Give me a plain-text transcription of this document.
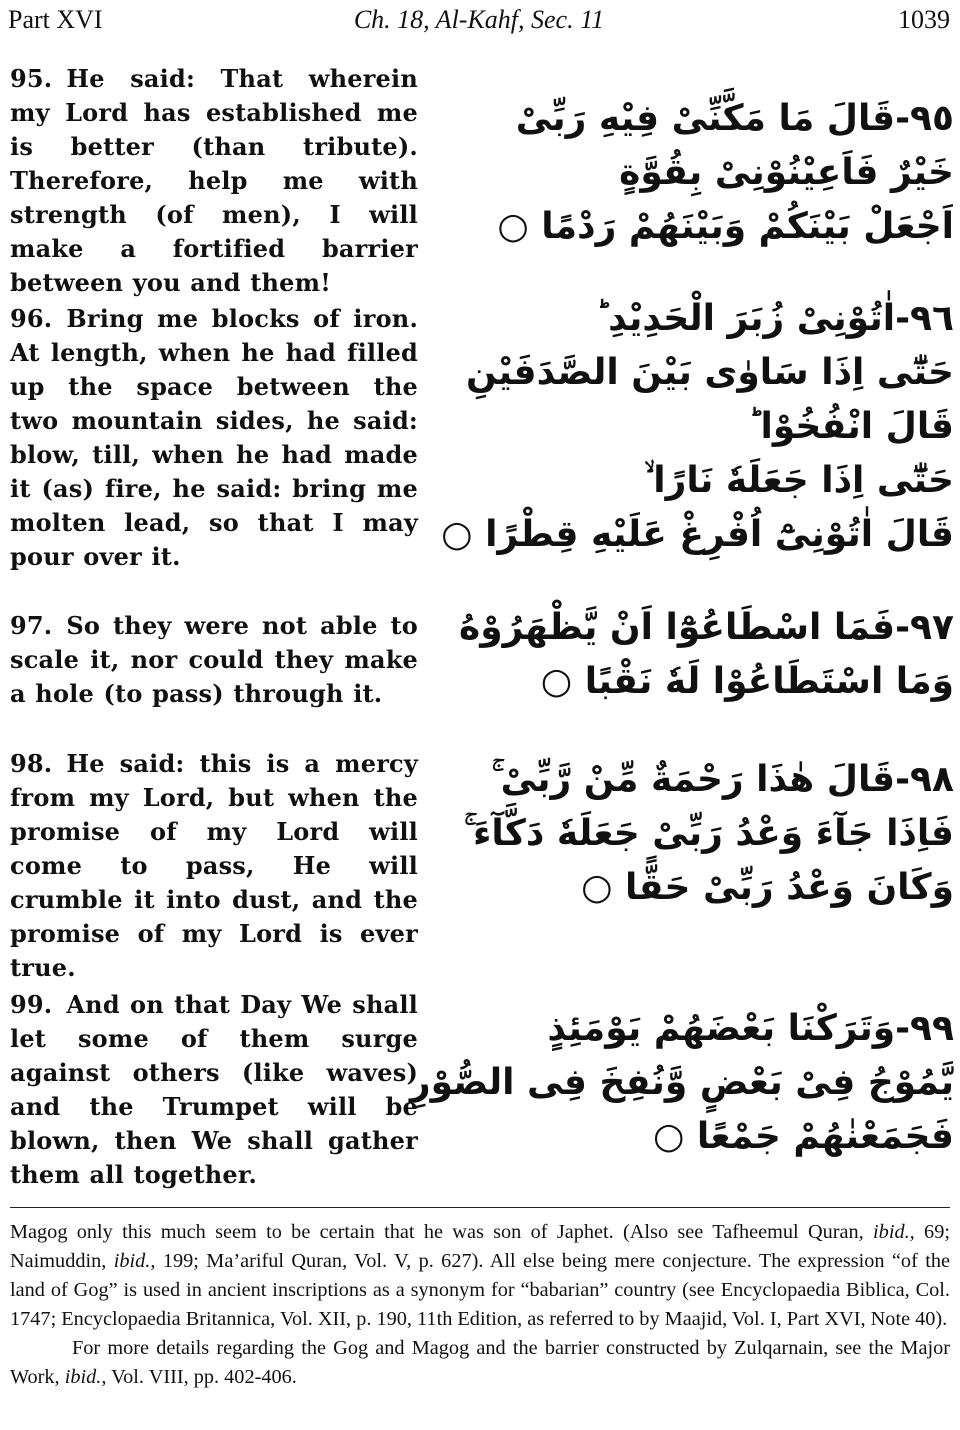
Part XVI	Ch. 18, Al-Kahf, Sec. 11	1039
95. He said: That wherein my Lord has established me is better (than tribute). Therefore, help me with strength (of men), I will make a fortified barrier between you and them!
٩٥-قَالَ مَا مَكَّنِّىْ فِيْهِ رَبِّىْ
خَيْرٌ فَاَعِيْنُوْنِىْ بِقُوَّةٍ
اَجْعَلْ بَيْنَكُمْ وَبَيْنَهُمْ رَدْمًا ○
96. Bring me blocks of iron. At length, when he had filled up the space between the two mountain sides, he said: blow, till, when he had made it (as) fire, he said: bring me molten lead, so that I may pour over it.
٩٦-اٰتُوْنِىْ زُبَرَ الْحَدِيْدِ ؕ
حَتّٰٓى اِذَا سَاوٰى بَيْنَ الصَّدَفَيْنِ
قَالَ انْفُخُوْا ؕ
حَتّٰٓى اِذَا جَعَلَهٗ نَارًا ۙ
قَالَ اٰتُوْنِىْٓ اُفْرِغْ عَلَيْهِ قِطْرًا ○
97. So they were not able to scale it, nor could they make a hole (to pass) through it.
٩٧-فَمَا اسْطَاعُوْٓا اَنْ يَّظْهَرُوْهُ
وَمَا اسْتَطَاعُوْا لَهٗ نَقْبًا ○
98. He said: this is a mercy from my Lord, but when the promise of my Lord will come to pass, He will crumble it into dust, and the promise of my Lord is ever true.
٩٨-قَالَ هٰذَا رَحْمَةٌ مِّنْ رَّبِّىْ ۚ
فَاِذَا جَآءَ وَعْدُ رَبِّىْ جَعَلَهٗ دَكَّآءَ ۚ
وَكَانَ وَعْدُ رَبِّىْ حَقًّا ○
99. And on that Day We shall let some of them surge against others (like waves) and the Trumpet will be blown, then We shall gather them all together.
٩٩-وَتَرَكْنَا بَعْضَهُمْ يَوْمَئِذٍ
يَّمُوْجُ فِىْ بَعْضٍ وَّنُفِخَ فِى الصُّوْرِ
فَجَمَعْنٰهُمْ جَمْعًا ○

Magog only this much seem to be certain that he was son of Japhet. (Also see Tafheemul Quran, ibid., 69; Naimuddin, ibid., 199; Ma’ariful Quran, Vol. V, p. 627). All else being mere conjecture. The expression “of the land of Gog” is used in ancient inscriptions as a synonym for “babarian” country (see Encyclopaedia Biblica, Col. 1747; Encyclopaedia Britannica, Vol. XII, p. 190, 11th Edition, as referred to by Maajid, Vol. I, Part XVI, Note 40).

For more details regarding the Gog and Magog and the barrier constructed by Zulqarnain, see the Major Work, ibid., Vol. VIII, pp. 402-406.
